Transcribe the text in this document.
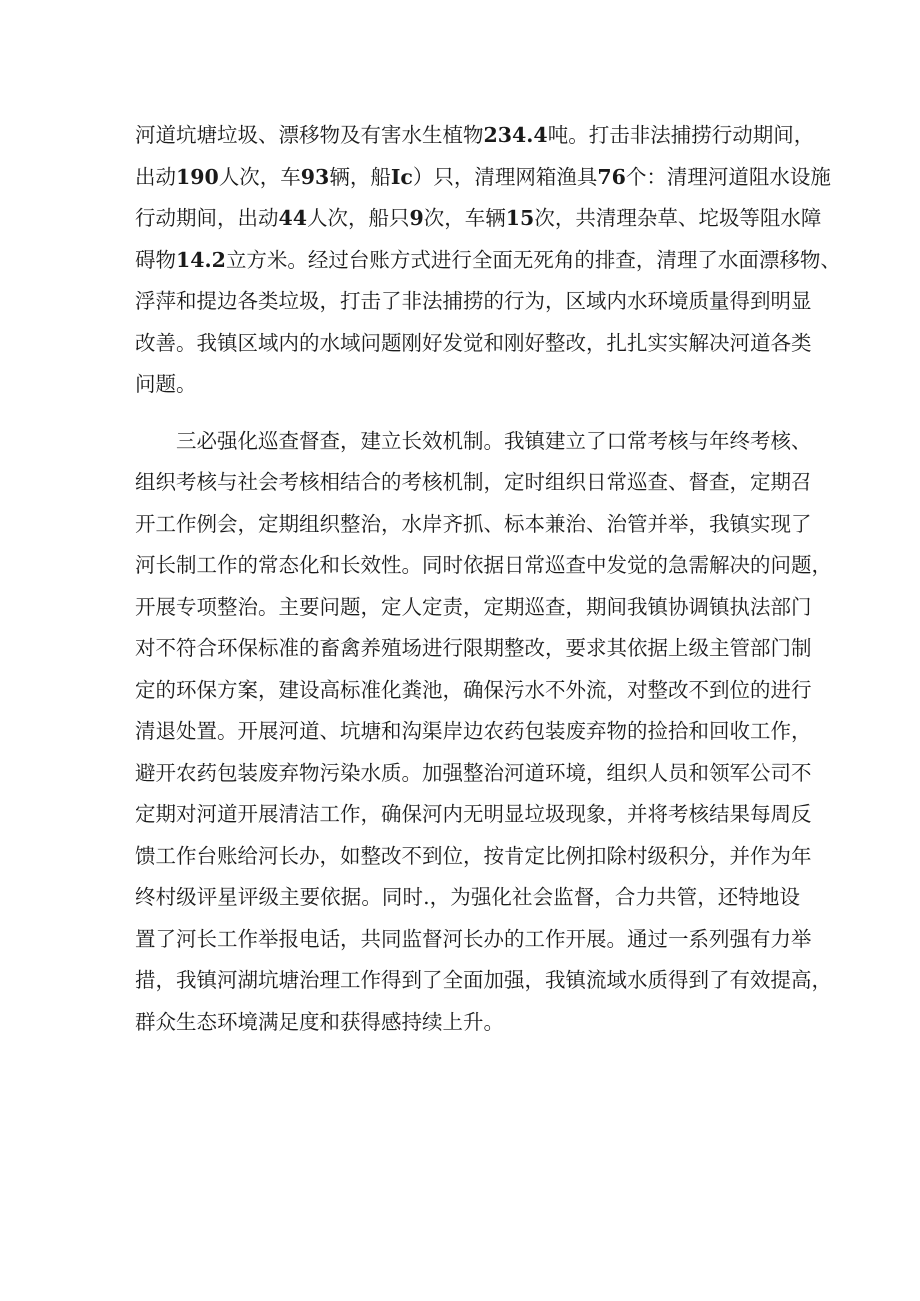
河道坑塘垃圾、漂移物及有害水生植物234.4吨。打击非法捕捞行动期间，
出动190人次，车93辆，船Ic）只，清理网箱渔具76个：清理河道阻水设施
行动期间，出动44人次，船只9次，车辆15次，共清理杂草、坨圾等阻水障
碍物14.2立方米。经过台账方式进行全面无死角的排查，清理了水面漂移物、
浮萍和提边各类垃圾，打击了非法捕捞的行为，区域内水环境质量得到明显
改善。我镇区域内的水域问题刚好发觉和刚好整改，扎扎实实解决河道各类
问题。
三必强化巡查督查，建立长效机制。我镇建立了口常考核与年终考核、
组织考核与社会考核相结合的考核机制，定时组织日常巡查、督查，定期召
开工作例会，定期组织整治，水岸齐抓、标本兼治、治管并举，我镇实现了
河长制工作的常态化和长效性。同时依据日常巡查中发觉的急需解决的问题，
开展专项整治。主要问题，定人定责，定期巡查，期间我镇协调镇执法部门
对不符合环保标准的畜禽养殖场进行限期整改，要求其依据上级主管部门制
定的环保方案，建设高标准化粪池，确保污水不外流，对整改不到位的进行
清退处置。开展河道、坑塘和沟渠岸边农药包装废弃物的捡拾和回收工作，
避开农药包装废弃物污染水质。加强整治河道环境，组织人员和领军公司不
定期对河道开展清洁工作，确保河内无明显垃圾现象，并将考核结果每周反
馈工作台账给河长办，如整改不到位，按肯定比例扣除村级积分，并作为年
终村级评星评级主要依据。同时.，为强化社会监督，合力共管，还特地设
置了河长工作举报电话，共同监督河长办的工作开展。通过一系列强有力举
措，我镇河湖坑塘治理工作得到了全面加强，我镇流域水质得到了有效提高，
群众生态环境满足度和获得感持续上升。
